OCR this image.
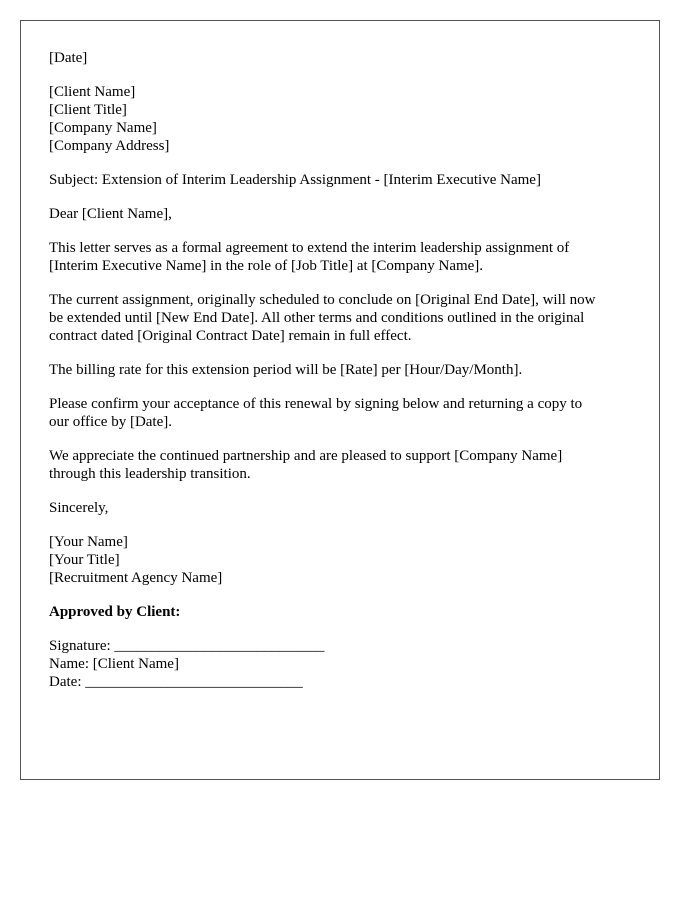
[Date]

[Client Name]
[Client Title]
[Company Name]
[Company Address]

Subject: Extension of Interim Leadership Assignment - [Interim Executive Name]

Dear [Client Name],

This letter serves as a formal agreement to extend the interim leadership assignment of
[Interim Executive Name] in the role of [Job Title] at [Company Name].

The current assignment, originally scheduled to conclude on [Original End Date], will now
be extended until [New End Date]. All other terms and conditions outlined in the original
contract dated [Original Contract Date] remain in full effect.

The billing rate for this extension period will be [Rate] per [Hour/Day/Month].

Please confirm your acceptance of this renewal by signing below and returning a copy to
our office by [Date].

We appreciate the continued partnership and are pleased to support [Company Name]
through this leadership transition.

Sincerely,

[Your Name]
[Your Title]
[Recruitment Agency Name]

Approved by Client:

Signature: ____________________________
Name: [Client Name]
Date: _____________________________
